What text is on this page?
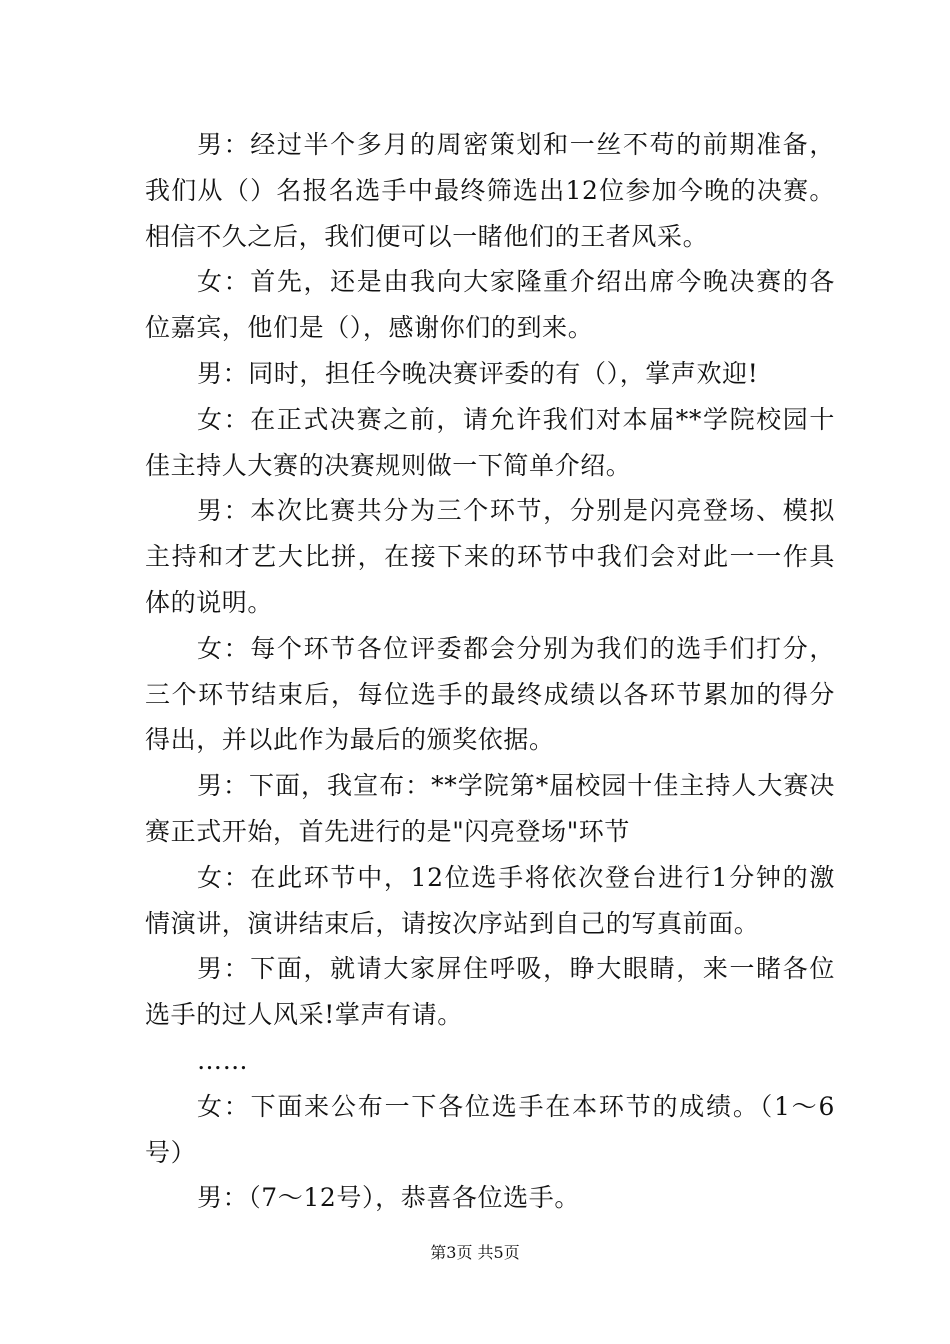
男：经过半个多月的周密策划和一丝不苟的前期准备，我们从（）名报名选手中最终筛选出12位参加今晚的决赛。相信不久之后，我们便可以一睹他们的王者风采。

女：首先，还是由我向大家隆重介绍出席今晚决赛的各位嘉宾，他们是（），感谢你们的到来。

男：同时，担任今晚决赛评委的有（），掌声欢迎!

女：在正式决赛之前，请允许我们对本届**学院校园十佳主持人大赛的决赛规则做一下简单介绍。

男：本次比赛共分为三个环节，分别是闪亮登场、模拟主持和才艺大比拼，在接下来的环节中我们会对此一一作具体的说明。

女：每个环节各位评委都会分别为我们的选手们打分，三个环节结束后，每位选手的最终成绩以各环节累加的得分得出，并以此作为最后的颁奖依据。

男：下面，我宣布：**学院第*届校园十佳主持人大赛决赛正式开始，首先进行的是"闪亮登场"环节

女：在此环节中，12位选手将依次登台进行1分钟的激情演讲，演讲结束后，请按次序站到自己的写真前面。

男：下面，就请大家屏住呼吸，睁大眼睛，来一睹各位选手的过人风采!掌声有请。

……

女：下面来公布一下各位选手在本环节的成绩。（1～6号）

男：（7～12号），恭喜各位选手。

第3页 共5页
